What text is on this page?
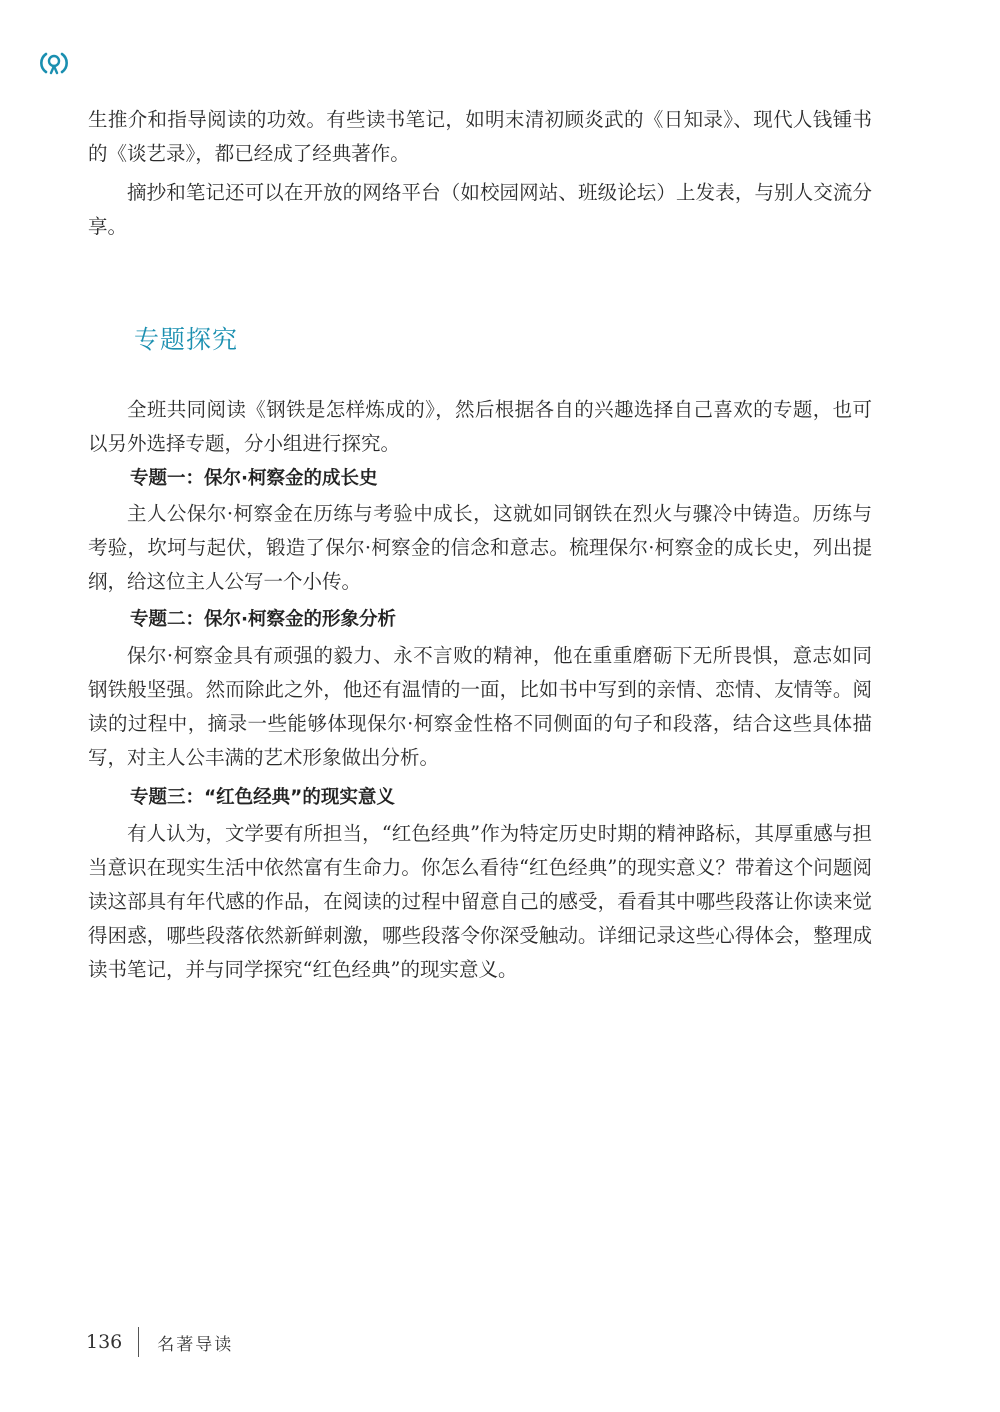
生推介和指导阅读的功效。有些读书笔记，如明末清初顾炎武的《日知录》、现代人钱锺书的《谈艺录》，都已经成了经典著作。

摘抄和笔记还可以在开放的网络平台（如校园网站、班级论坛）上发表，与别人交流分享。

专题探究

全班共同阅读《钢铁是怎样炼成的》，然后根据各自的兴趣选择自己喜欢的专题，也可以另外选择专题，分小组进行探究。

专题一：保尔·柯察金的成长史

主人公保尔·柯察金在历练与考验中成长，这就如同钢铁在烈火与骤冷中铸造。历练与考验，坎坷与起伏，锻造了保尔·柯察金的信念和意志。梳理保尔·柯察金的成长史，列出提纲，给这位主人公写一个小传。

专题二：保尔·柯察金的形象分析

保尔·柯察金具有顽强的毅力、永不言败的精神，他在重重磨砺下无所畏惧，意志如同钢铁般坚强。然而除此之外，他还有温情的一面，比如书中写到的亲情、恋情、友情等。阅读的过程中，摘录一些能够体现保尔·柯察金性格不同侧面的句子和段落，结合这些具体描写，对主人公丰满的艺术形象做出分析。

专题三：“红色经典”的现实意义

有人认为，文学要有所担当，“红色经典”作为特定历史时期的精神路标，其厚重感与担当意识在现实生活中依然富有生命力。你怎么看待“红色经典”的现实意义？带着这个问题阅读这部具有年代感的作品，在阅读的过程中留意自己的感受，看看其中哪些段落让你读来觉得困惑，哪些段落依然新鲜刺激，哪些段落令你深受触动。详细记录这些心得体会，整理成读书笔记，并与同学探究“红色经典”的现实意义。

136 名著导读
